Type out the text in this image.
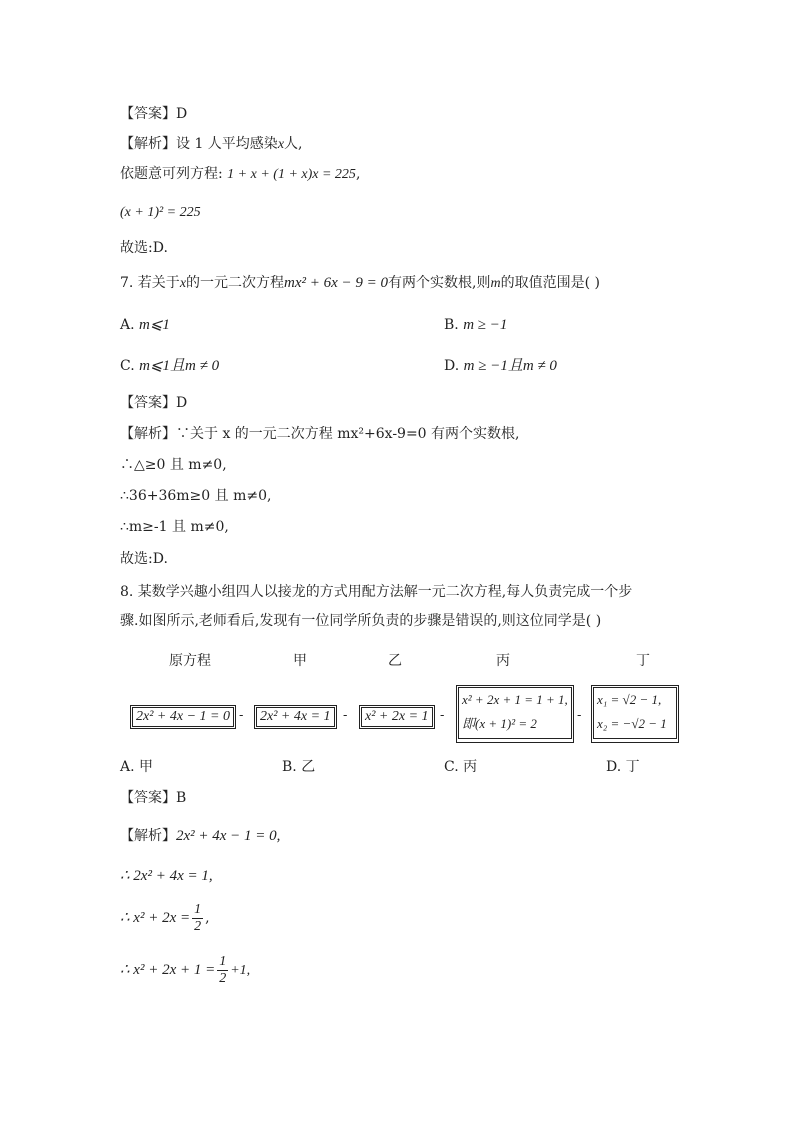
【答案】D
【解析】设 1 人平均感染x人,
依题意可列方程: 1 + x + (1 + x)x = 225,
(x + 1)² = 225
故选:D.
7. 若关于x的一元二次方程mx² + 6x − 9 = 0有两个实数根,则m的取值范围是( )
A. m⩽1	B. m ≥ −1
C. m⩽1且m ≠ 0	D. m ≥ −1且m ≠ 0
【答案】D
【解析】∵关于 x 的一元二次方程 mx²+6x-9=0 有两个实数根,
∴△≥0 且 m≠0,
∴36+36m≥0 且 m≠0,
∴m≥-1 且 m≠0,
故选:D.
8. 某数学兴趣小组四人以接龙的方式用配方法解一元二次方程,每人负责完成一个步
骤.如图所示,老师看后,发现有一位同学所负责的步骤是错误的,则这位同学是( )
原方程	甲	乙	丙	丁
2x² + 4x − 1 = 0 - 2x² + 4x = 1 - x² + 2x = 1 -
x² + 2x + 1 = 1 + 1,
即(x + 1)² = 2
-
x₁ = √2 − 1,
x₂ = −√2 − 1
A. 甲	B. 乙	C. 丙	D. 丁
【答案】B
【解析】2x² + 4x − 1 = 0,
∴ 2x² + 4x = 1,
∴ $x^2 + 2x = \frac{1}{2}$ ,
∴ $x^2 + 2x + 1 = \frac{1}{2} +1$,
